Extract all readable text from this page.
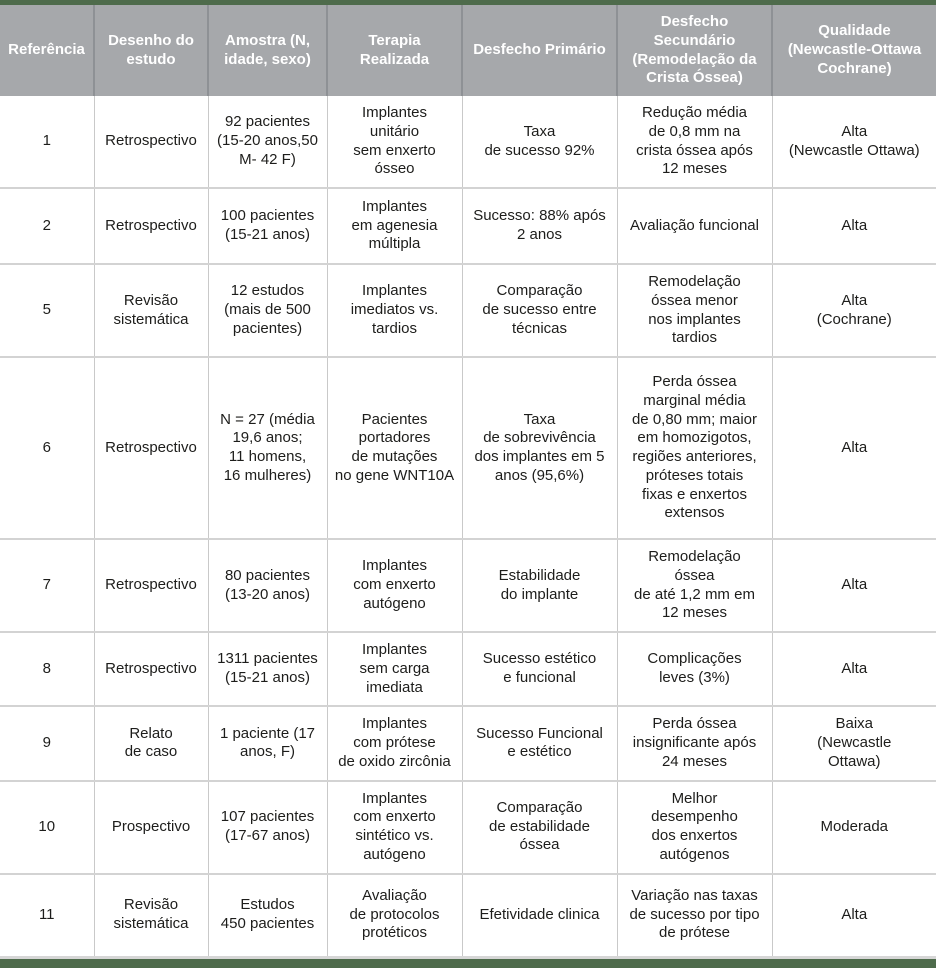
Referência	Desenho do
estudo	Amostra (N,
idade, sexo)	Terapia
Realizada	Desfecho Primário	Desfecho
Secundário
(Remodelação da
Crista Óssea)	Qualidade
(Newcastle-Ottawa
Cochrane)
1	Retrospectivo	92 pacientes
(15-20 anos,50
M- 42 F)	Implantes
unitário
sem enxerto
ósseo	Taxa
de sucesso 92%	Redução média
de 0,8 mm na
crista óssea após
12 meses	Alta
(Newcastle Ottawa)
2	Retrospectivo	100 pacientes
(15-21 anos)	Implantes
em agenesia
múltipla	Sucesso: 88% após
2 anos	Avaliação funcional	Alta
5	Revisão
sistemática	12 estudos
(mais de 500
pacientes)	Implantes
imediatos vs.
tardios	Comparação
de sucesso entre
técnicas	Remodelação
óssea menor
nos implantes
tardios	Alta
(Cochrane)
6	Retrospectivo	N = 27 (média
19,6 anos;
11 homens,
16 mulheres)	Pacientes
portadores
de mutações
no gene WNT10A	Taxa
de sobrevivência
dos implantes em 5
anos (95,6%)	Perda óssea
marginal média
de 0,80 mm; maior
em homozigotos,
regiões anteriores,
próteses totais
fixas e enxertos
extensos	Alta
7	Retrospectivo	80 pacientes
(13-20 anos)	Implantes
com enxerto
autógeno	Estabilidade
do implante	Remodelação
óssea
de até 1,2 mm em
12 meses	Alta
8	Retrospectivo	1311 pacientes
(15-21 anos)	Implantes
sem carga
imediata	Sucesso estético
e funcional	Complicações
leves (3%)	Alta
9	Relato
de caso	1 paciente (17
anos, F)	Implantes
com prótese
de oxido zircônia	Sucesso Funcional
e estético	Perda óssea
insignificante após
24 meses	Baixa
(Newcastle
Ottawa)
10	Prospectivo	107 pacientes
(17-67 anos)	Implantes
com enxerto
sintético vs.
autógeno	Comparação
de estabilidade
óssea	Melhor
desempenho
dos enxertos
autógenos	Moderada
11	Revisão
sistemática	Estudos
450 pacientes	Avaliação
de protocolos
protéticos	Efetividade clinica	Variação nas taxas
de sucesso por tipo
de prótese	Alta
